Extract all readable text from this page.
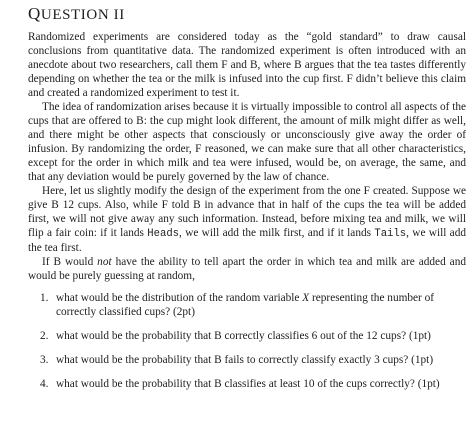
QUESTION II

Randomized experiments are considered today as the “gold standard” to draw causal conclusions from quantitative data. The randomized experiment is often introduced with an anecdote about two researchers, call them F and B, where B argues that the tea tastes differently depending on whether the tea or the milk is infused into the cup first. F didn’t believe this claim and created a randomized experiment to test it.

The idea of randomization arises because it is virtually impossible to control all aspects of the cups that are offered to B: the cup might look different, the amount of milk might differ as well, and there might be other aspects that consciously or unconsciously give away the order of infusion. By randomizing the order, F reasoned, we can make sure that all other characteristics, except for the order in which milk and tea were infused, would be, on average, the same, and that any deviation would be purely governed by the law of chance.

Here, let us slightly modify the design of the experiment from the one F created. Suppose we give B 12 cups. Also, while F told B in advance that in half of the cups the tea will be added first, we will not give away any such information. Instead, before mixing tea and milk, we will flip a fair coin: if it lands Heads, we will add the milk first, and if it lands Tails, we will add the tea first.

If B would not have the ability to tell apart the order in which tea and milk are added and would be purely guessing at random,

1. what would be the distribution of the random variable X representing the number of correctly classified cups? (2pt)
2. what would be the probability that B correctly classifies 6 out of the 12 cups? (1pt)
3. what would be the probability that B fails to correctly classify exactly 3 cups? (1pt)
4. what would be the probability that B classifies at least 10 of the cups correctly? (1pt)
